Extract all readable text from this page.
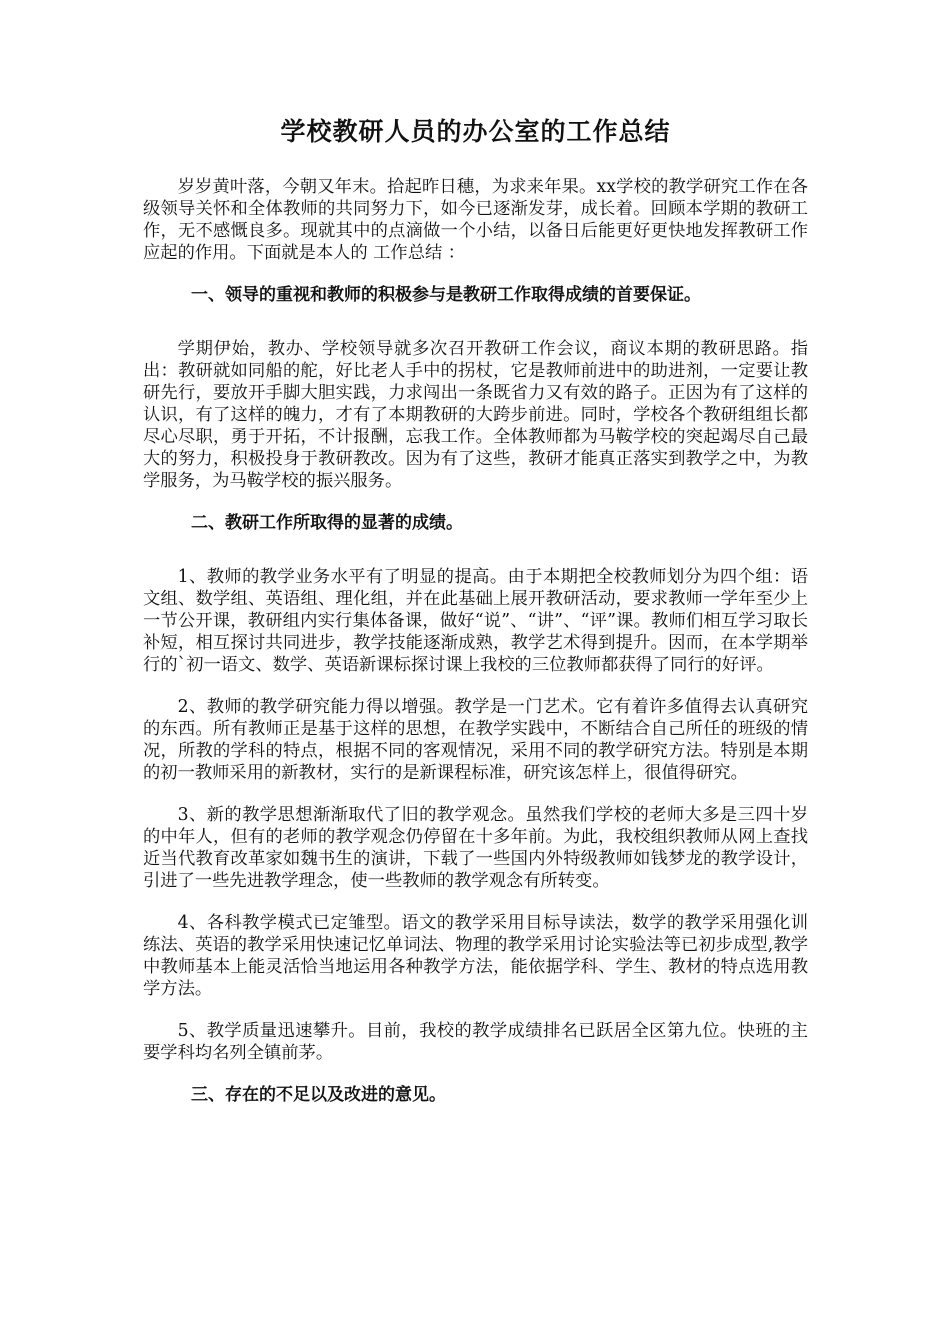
学校教研人员的办公室的工作总结

岁岁黄叶落，今朝又年末。拾起昨日穗，为求来年果。xx学校的教学研究工作在各级领导关怀和全体教师的共同努力下，如今已逐渐发芽，成长着。回顾本学期的教研工作，无不感慨良多。现就其中的点滴做一个小结，以备日后能更好更快地发挥教研工作应起的作用。下面就是本人的 工作总结 ：

一、领导的重视和教师的积极参与是教研工作取得成绩的首要保证。

学期伊始，教办、学校领导就多次召开教研工作会议，商议本期的教研思路。指出：教研就如同船的舵，好比老人手中的拐杖，它是教师前进中的助进剂，一定要让教研先行，要放开手脚大胆实践，力求闯出一条既省力又有效的路子。正因为有了这样的认识，有了这样的魄力，才有了本期教研的大跨步前进。同时，学校各个教研组组长都尽心尽职，勇于开拓，不计报酬，忘我工作。全体教师都为马鞍学校的突起竭尽自己最大的努力，积极投身于教研教改。因为有了这些，教研才能真正落实到教学之中，为教学服务，为马鞍学校的振兴服务。

二、教研工作所取得的显著的成绩。

1、教师的教学业务水平有了明显的提高。由于本期把全校教师划分为四个组：语文组、数学组、英语组、理化组，并在此基础上展开教研活动，要求教师一学年至少上一节公开课，教研组内实行集体备课，做好“说”、“讲”、“评”课。教师们相互学习取长补短，相互探讨共同进步，教学技能逐渐成熟，教学艺术得到提升。因而，在本学期举行的`初一语文、数学、英语新课标探讨课上我校的三位教师都获得了同行的好评。

2、教师的教学研究能力得以增强。教学是一门艺术。它有着许多值得去认真研究的东西。所有教师正是基于这样的思想，在教学实践中，不断结合自己所任的班级的情况，所教的学科的特点，根据不同的客观情况，采用不同的教学研究方法。特别是本期的初一教师采用的新教材，实行的是新课程标准，研究该怎样上，很值得研究。

3、新的教学思想渐渐取代了旧的教学观念。虽然我们学校的老师大多是三四十岁的中年人，但有的老师的教学观念仍停留在十多年前。为此，我校组织教师从网上查找近当代教育改革家如魏书生的演讲，下载了一些国内外特级教师如钱梦龙的教学设计，引进了一些先进教学理念，使一些教师的教学观念有所转变。

4、各科教学模式已定雏型。语文的教学采用目标导读法，数学的教学采用强化训练法、英语的教学采用快速记忆单词法、物理的教学采用讨论实验法等已初步成型,教学中教师基本上能灵活恰当地运用各种教学方法，能依据学科、学生、教材的特点选用教学方法。

5、教学质量迅速攀升。目前，我校的教学成绩排名已跃居全区第九位。快班的主要学科均名列全镇前茅。

三、存在的不足以及改进的意见。
